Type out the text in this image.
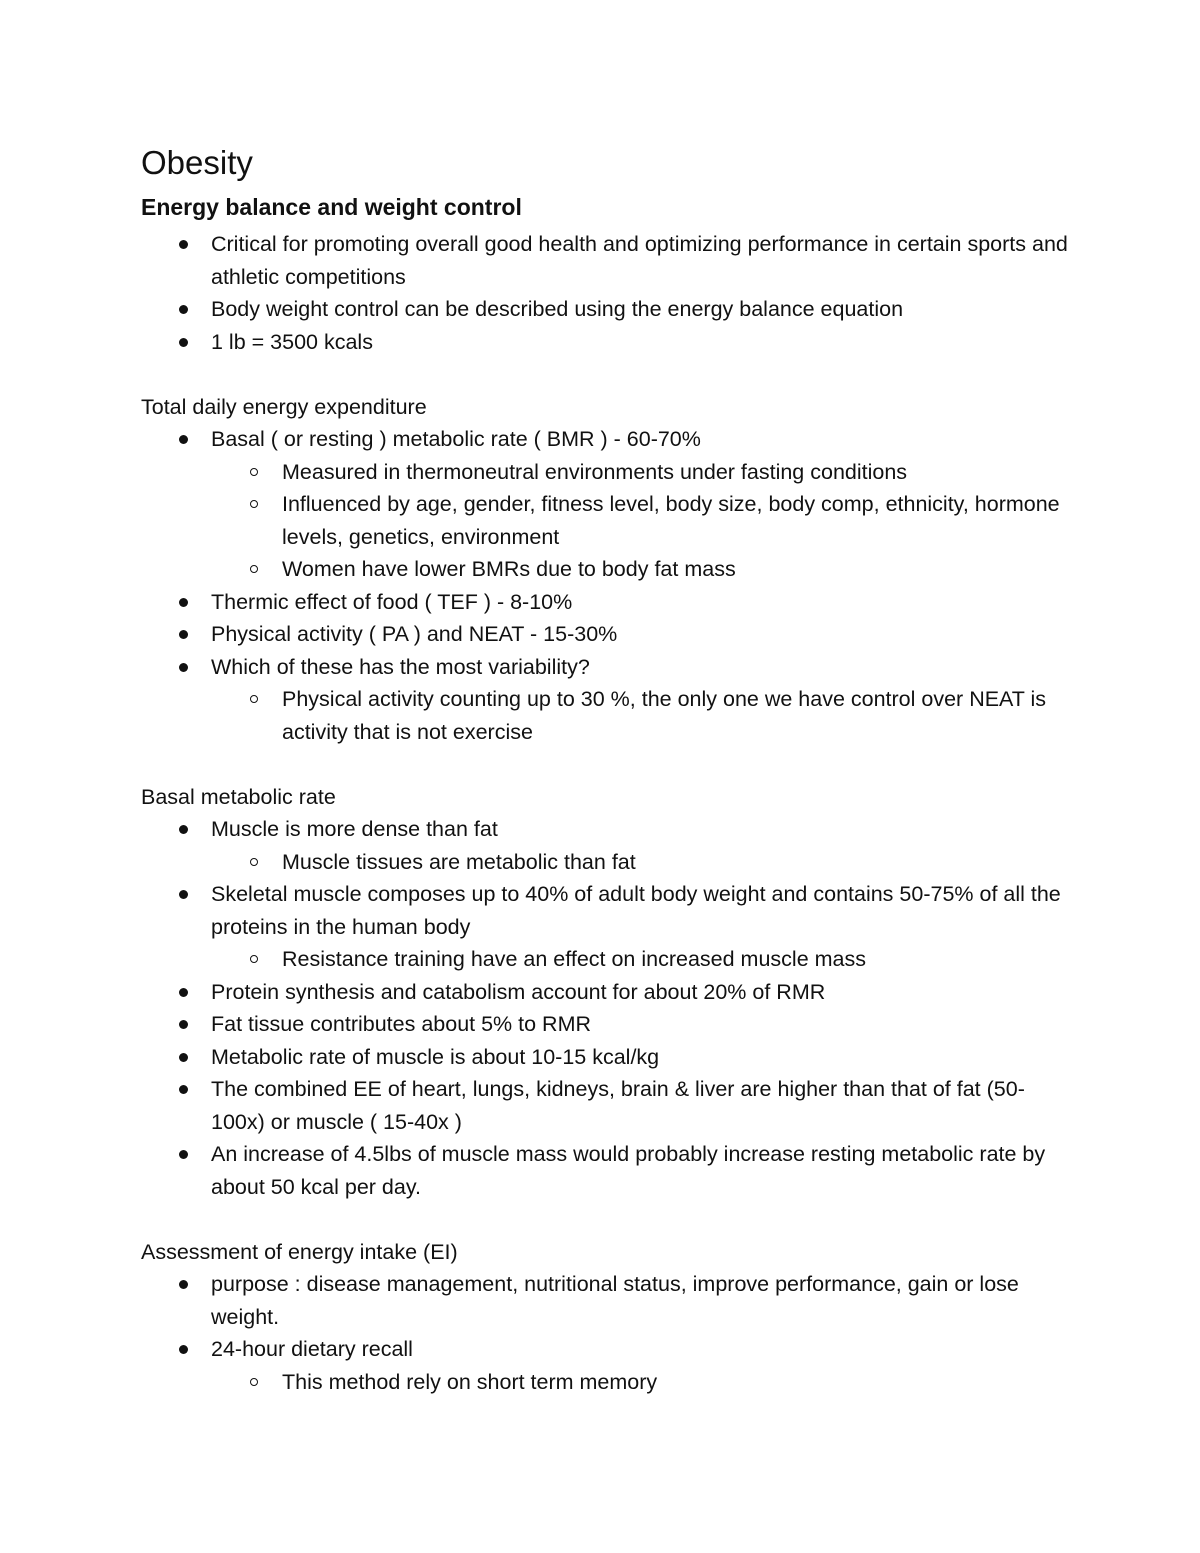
Obesity
Energy balance and weight control
Critical for promoting overall good health and optimizing performance in certain sports and athletic competitions
Body weight control can be described using the energy balance equation
1 lb = 3500 kcals

Total daily energy expenditure

Basal ( or resting ) metabolic rate ( BMR ) - 60-70%
Measured in thermoneutral environments under fasting conditions
Influenced by age, gender, fitness level, body size, body comp, ethnicity, hormone levels, genetics, environment
Women have lower BMRs due to body fat mass
Thermic effect of food ( TEF ) - 8-10%
Physical activity ( PA ) and NEAT - 15-30%
Which of these has the most variability?
Physical activity counting up to 30 %, the only one we have control over NEAT is activity that is not exercise

Basal metabolic rate

Muscle is more dense than fat
Muscle tissues are metabolic than fat
Skeletal muscle composes up to 40% of adult body weight and contains 50-75% of all the proteins in the human body
Resistance training have an effect on increased muscle mass
Protein synthesis and catabolism account for about 20% of RMR
Fat tissue contributes about 5% to RMR
Metabolic rate of muscle is about 10-15 kcal/kg
The combined EE of heart, lungs, kidneys, brain & liver are higher than that of fat (50-100x) or muscle ( 15-40x )
An increase of 4.5lbs of muscle mass would probably increase resting metabolic rate by about 50 kcal per day.

Assessment of energy intake (EI)

purpose : disease management, nutritional status, improve performance, gain or lose weight.
24-hour dietary recall
This method rely on short term memory
